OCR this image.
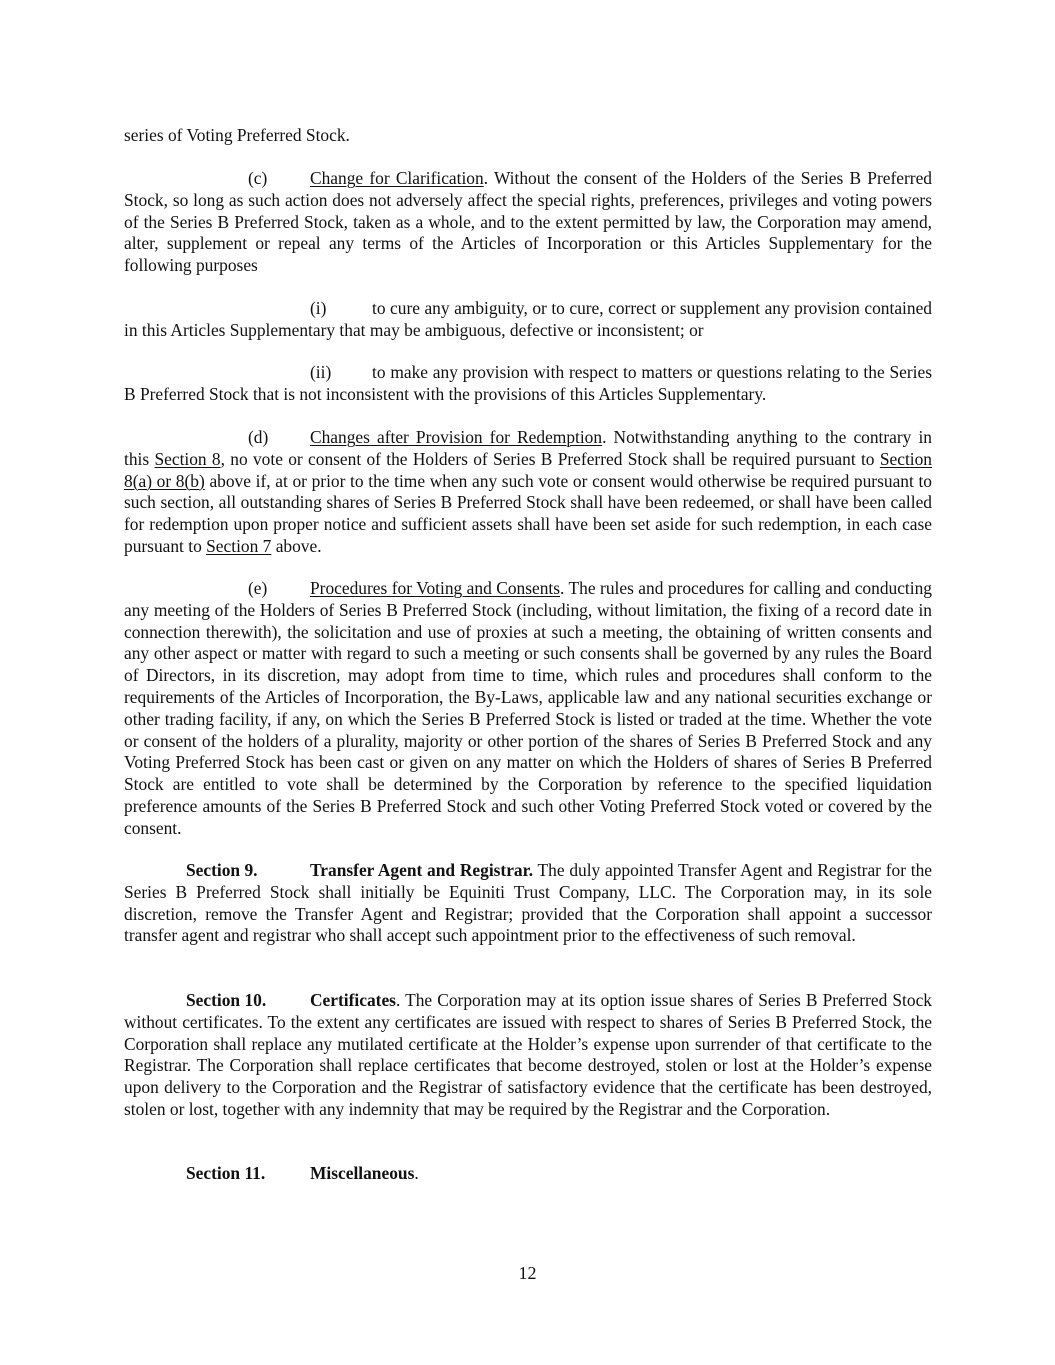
series of Voting Preferred Stock.

(c) Change for Clarification. Without the consent of the Holders of the Series B Preferred Stock, so long as such action does not adversely affect the special rights, preferences, privileges and voting powers of the Series B Preferred Stock, taken as a whole, and to the extent permitted by law, the Corporation may amend, alter, supplement or repeal any terms of the Articles of Incorporation or this Articles Supplementary for the following purposes

(i)	to cure any ambiguity, or to cure, correct or supplement any provision contained in this Articles Supplementary that may be ambiguous, defective or inconsistent; or

(ii) to make any provision with respect to matters or questions relating to the Series B Preferred Stock that is not inconsistent with the provisions of this Articles Supplementary.

(d) Changes after Provision for Redemption. Notwithstanding anything to the contrary in this Section 8, no vote or consent of the Holders of Series B Preferred Stock shall be required pursuant to Section 8(a) or 8(b) above if, at or prior to the time when any such vote or consent would otherwise be required pursuant to such section, all outstanding shares of Series B Preferred Stock shall have been redeemed, or shall have been called for redemption upon proper notice and sufficient assets shall have been set aside for such redemption, in each case pursuant to Section 7 above.

(e) Procedures for Voting and Consents. The rules and procedures for calling and conducting any meeting of the Holders of Series B Preferred Stock (including, without limitation, the fixing of a record date in connection therewith), the solicitation and use of proxies at such a meeting, the obtaining of written consents and any other aspect or matter with regard to such a meeting or such consents shall be governed by any rules the Board of Directors, in its discretion, may adopt from time to time, which rules and procedures shall conform to the requirements of the Articles of Incorporation, the By-Laws, applicable law and any national securities exchange or other trading facility, if any, on which the Series B Preferred Stock is listed or traded at the time. Whether the vote or consent of the holders of a plurality, majority or other portion of the shares of Series B Preferred Stock and any Voting Preferred Stock has been cast or given on any matter on which the Holders of shares of Series B Preferred Stock are entitled to vote shall be determined by the Corporation by reference to the specified liquidation preference amounts of the Series B Preferred Stock and such other Voting Preferred Stock voted or covered by the consent.

Section 9.	Transfer Agent and Registrar. The duly appointed Transfer Agent and Registrar for the Series B Preferred Stock shall initially be Equiniti Trust Company, LLC. The Corporation may, in its sole discretion, remove the Transfer Agent and Registrar; provided that the Corporation shall appoint a successor transfer agent and registrar who shall accept such appointment prior to the effectiveness of such removal.

Section 10.	Certificates. The Corporation may at its option issue shares of Series B Preferred Stock without certificates. To the extent any certificates are issued with respect to shares of Series B Preferred Stock, the Corporation shall replace any mutilated certificate at the Holder’s expense upon surrender of that certificate to the Registrar. The Corporation shall replace certificates that become destroyed, stolen or lost at the Holder’s expense upon delivery to the Corporation and the Registrar of satisfactory evidence that the certificate has been destroyed, stolen or lost, together with any indemnity that may be required by the Registrar and the Corporation.

Section 11.	Miscellaneous.

12
